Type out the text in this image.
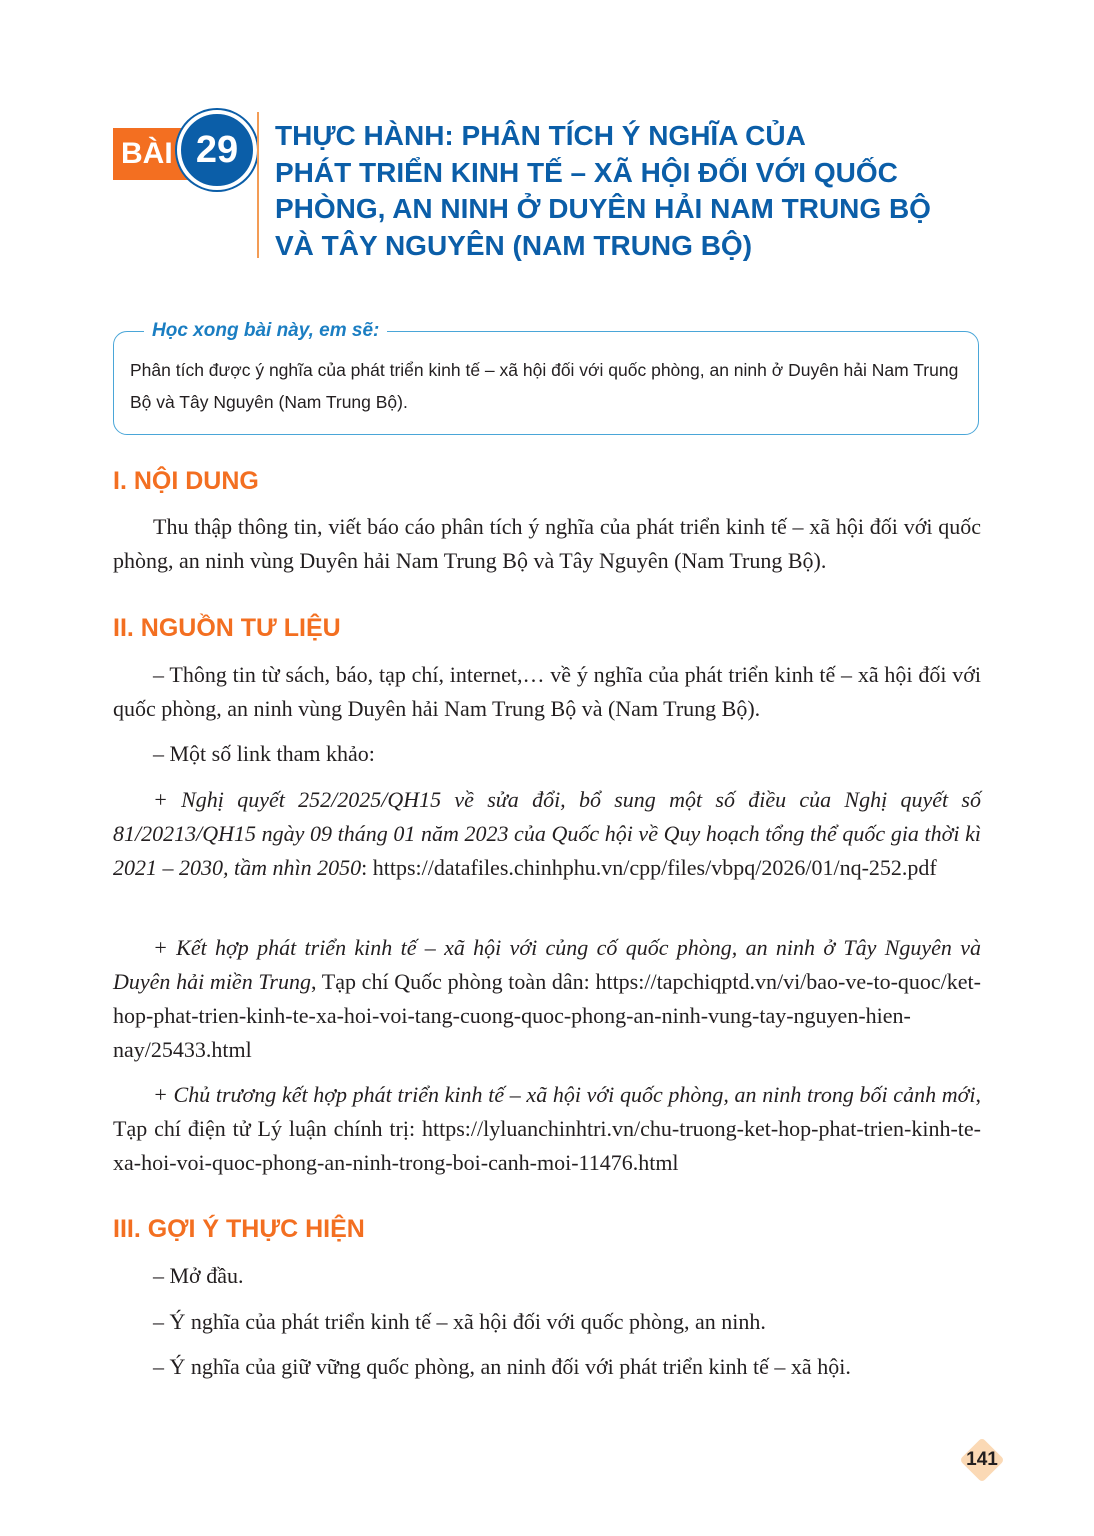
BÀI 29	THỰC HÀNH: PHÂN TÍCH Ý NGHĨA CỦA
PHÁT TRIỂN KINH TẾ – XÃ HỘI ĐỐI VỚI QUỐC
PHÒNG, AN NINH Ở DUYÊN HẢI NAM TRUNG BỘ
VÀ TÂY NGUYÊN (NAM TRUNG BỘ)
Học xong bài này, em sẽ:

Phân tích được ý nghĩa của phát triển kinh tế – xã hội đối với quốc phòng, an ninh ở Duyên hải Nam Trung Bộ và Tây Nguyên (Nam Trung Bộ).

I. NỘI DUNG

Thu thập thông tin, viết báo cáo phân tích ý nghĩa của phát triển kinh tế – xã hội đối với quốc phòng, an ninh vùng Duyên hải Nam Trung Bộ và Tây Nguyên (Nam Trung Bộ).

II. NGUỒN TƯ LIỆU

– Thông tin từ sách, báo, tạp chí, internet,… về ý nghĩa của phát triển kinh tế – xã hội đối với quốc phòng, an ninh vùng Duyên hải Nam Trung Bộ và (Nam Trung Bộ).

– Một số link tham khảo:

+ Nghị quyết 252/2025/QH15 về sửa đổi, bổ sung một số điều của Nghị quyết số 81/20213/QH15 ngày 09 tháng 01 năm 2023 của Quốc hội về Quy hoạch tổng thể quốc gia thời kì 2021 – 2030, tầm nhìn 2050: https://datafiles.chinhphu.vn/cpp/files/vbpq/2026/01/nq-252.pdf

+ Kết hợp phát triển kinh tế – xã hội với củng cố quốc phòng, an ninh ở Tây Nguyên và Duyên hải miền Trung, Tạp chí Quốc phòng toàn dân: https://tapchiqptd.vn/vi/bao-ve-to-quoc/ket-hop-phat-trien-kinh-te-xa-hoi-voi-tang-cuong-quoc-phong-an-ninh-vung-tay-nguyen-hien-nay/25433.html

+ Chủ trương kết hợp phát triển kinh tế – xã hội với quốc phòng, an ninh trong bối cảnh mới, Tạp chí điện tử Lý luận chính trị: https://lyluanchinhtri.vn/chu-truong-ket-hop-phat-trien-kinh-te-xa-hoi-voi-quoc-phong-an-ninh-trong-boi-canh-moi-11476.html

III. GỢI Ý THỰC HIỆN

– Mở đầu.

– Ý nghĩa của phát triển kinh tế – xã hội đối với quốc phòng, an ninh.

– Ý nghĩa của giữ vững quốc phòng, an ninh đối với phát triển kinh tế – xã hội.

141
